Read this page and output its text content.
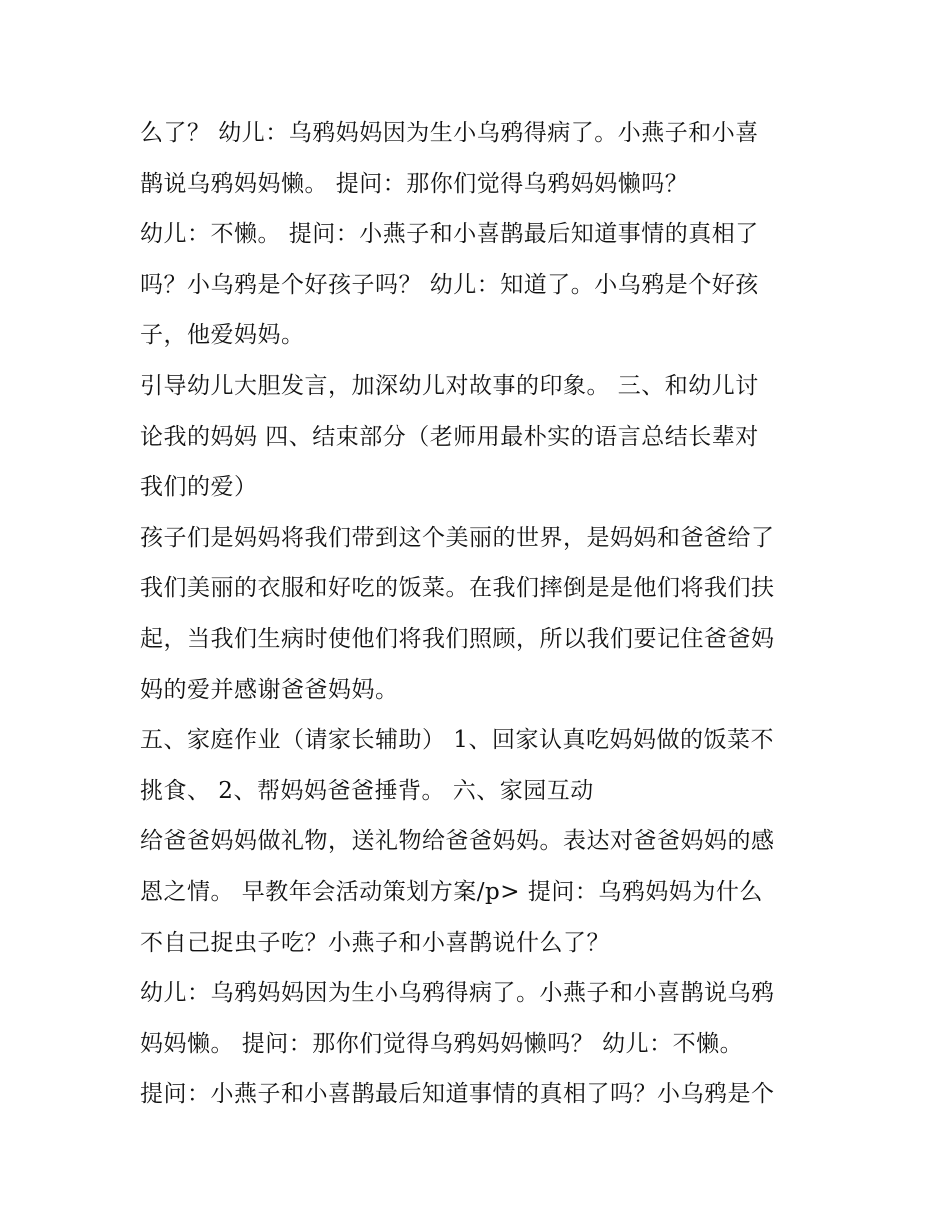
么了？ 幼儿：乌鸦妈妈因为生小乌鸦得病了。小燕子和小喜
鹊说乌鸦妈妈懒。 提问：那你们觉得乌鸦妈妈懒吗？
幼儿：不懒。 提问：小燕子和小喜鹊最后知道事情的真相了
吗？小乌鸦是个好孩子吗？ 幼儿：知道了。小乌鸦是个好孩
子，他爱妈妈。
引导幼儿大胆发言，加深幼儿对故事的印象。 三、和幼儿讨
论我的妈妈 四、结束部分（老师用最朴实的语言总结长辈对
我们的爱）
孩子们是妈妈将我们带到这个美丽的世界，是妈妈和爸爸给了
我们美丽的衣服和好吃的饭菜。在我们摔倒是是他们将我们扶
起，当我们生病时使他们将我们照顾，所以我们要记住爸爸妈
妈的爱并感谢爸爸妈妈。
五、家庭作业（请家长辅助） 1、回家认真吃妈妈做的饭菜不
挑食、 2、帮妈妈爸爸捶背。 六、家园互动
给爸爸妈妈做礼物，送礼物给爸爸妈妈。表达对爸爸妈妈的感
恩之情。 早教年会活动策划方案/p> 提问：乌鸦妈妈为什么
不自己捉虫子吃？小燕子和小喜鹊说什么了？
幼儿：乌鸦妈妈因为生小乌鸦得病了。小燕子和小喜鹊说乌鸦
妈妈懒。 提问：那你们觉得乌鸦妈妈懒吗？ 幼儿：不懒。
提问：小燕子和小喜鹊最后知道事情的真相了吗？小乌鸦是个
